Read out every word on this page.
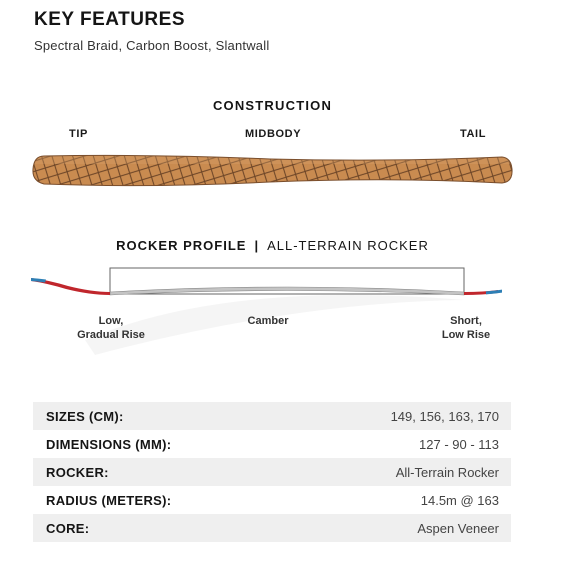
KEY FEATURES
Spectral Braid, Carbon Boost, Slantwall
CONSTRUCTION
TIP	MIDBODY	TAIL
ROCKER PROFILE | ALL-TERRAIN ROCKER
Low,
Gradual Rise
Camber	Short,
Low Rise
SIZES (CM):	149, 156, 163, 170
DIMENSIONS (MM):	127 - 90 - 113
ROCKER:	All-Terrain Rocker
RADIUS (METERS):	14.5m @ 163
CORE:	Aspen Veneer
